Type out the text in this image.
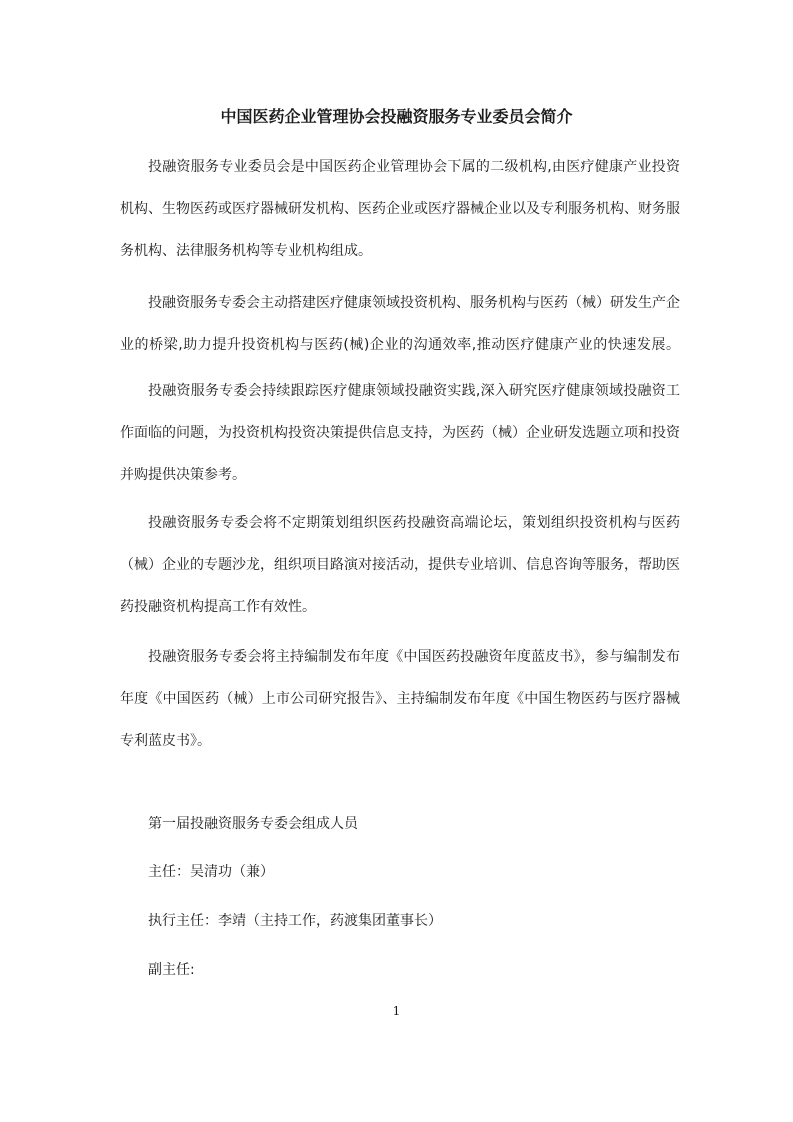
中国医药企业管理协会投融资服务专业委员会简介
投融资服务专业委员会是中国医药企业管理协会下属的二级机构,由医疗健康产业投资
机构、生物医药或医疗器械研发机构、医药企业或医疗器械企业以及专利服务机构、财务服
务机构、法律服务机构等专业机构组成。
投融资服务专委会主动搭建医疗健康领域投资机构、服务机构与医药（械）研发生产企
业的桥梁,助力提升投资机构与医药(械)企业的沟通效率,推动医疗健康产业的快速发展。
投融资服务专委会持续跟踪医疗健康领域投融资实践,深入研究医疗健康领域投融资工
作面临的问题，为投资机构投资决策提供信息支持，为医药（械）企业研发选题立项和投资
并购提供决策参考。
投融资服务专委会将不定期策划组织医药投融资高端论坛，策划组织投资机构与医药
（械）企业的专题沙龙，组织项目路演对接活动，提供专业培训、信息咨询等服务，帮助医
药投融资机构提高工作有效性。
投融资服务专委会将主持编制发布年度《中国医药投融资年度蓝皮书》，参与编制发布
年度《中国医药（械）上市公司研究报告》、主持编制发布年度《中国生物医药与医疗器械
专利蓝皮书》。
第一届投融资服务专委会组成人员
主任：吴清功（兼）
执行主任：李靖（主持工作，药渡集团董事长）
副主任:
1
